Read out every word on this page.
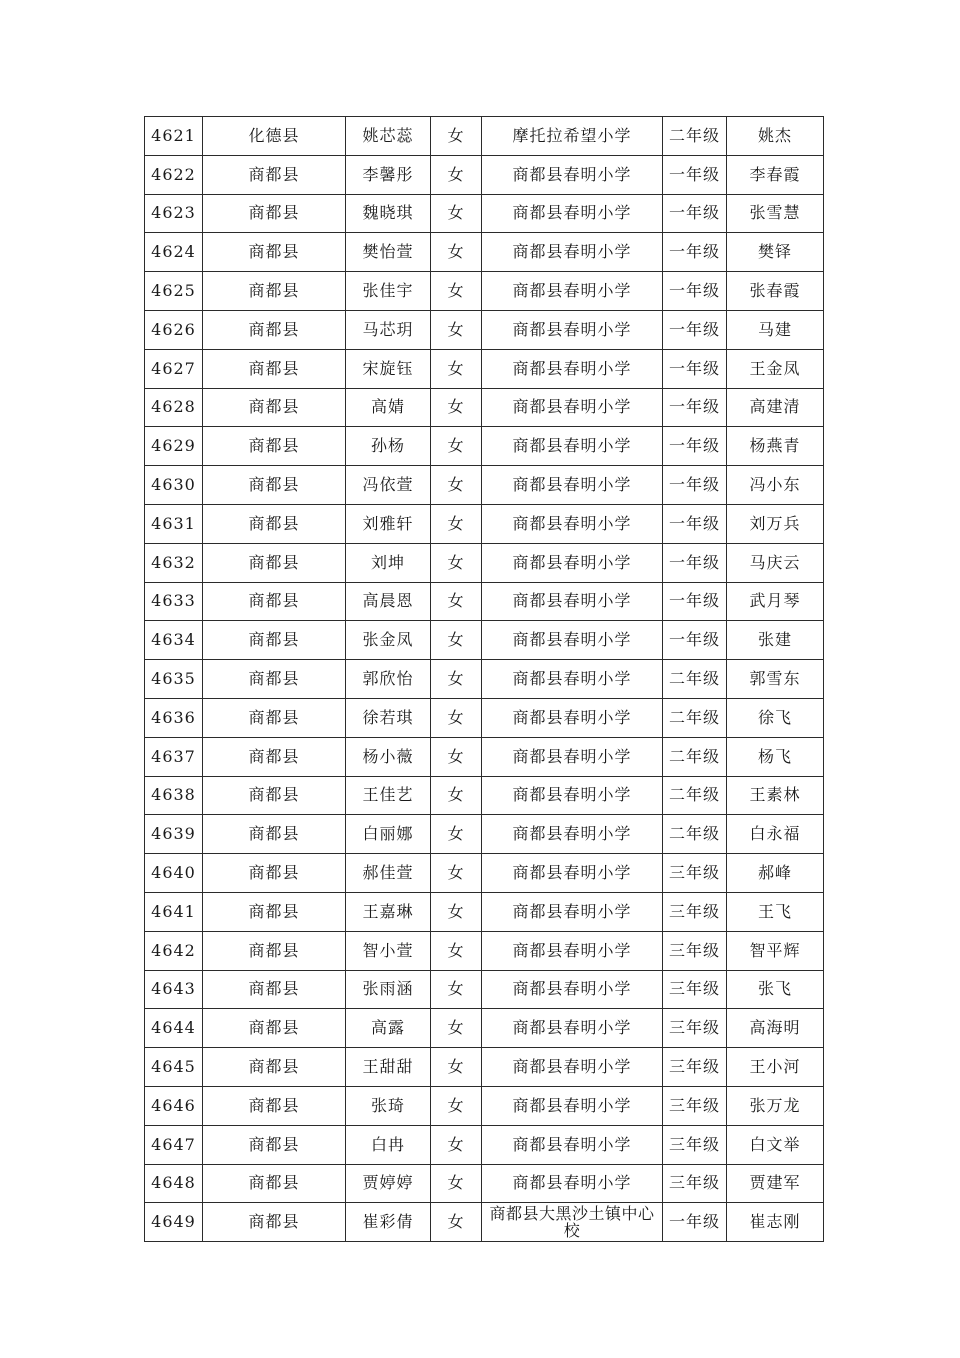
4621	化德县	姚芯蕊	女	摩托拉希望小学	二年级	姚杰
4622	商都县	李馨彤	女	商都县春明小学	一年级	李春霞
4623	商都县	魏晓琪	女	商都县春明小学	一年级	张雪慧
4624	商都县	樊怡萱	女	商都县春明小学	一年级	樊铎
4625	商都县	张佳宇	女	商都县春明小学	一年级	张春霞
4626	商都县	马芯玥	女	商都县春明小学	一年级	马建
4627	商都县	宋旋钰	女	商都县春明小学	一年级	王金凤
4628	商都县	高婧	女	商都县春明小学	一年级	高建清
4629	商都县	孙杨	女	商都县春明小学	一年级	杨燕青
4630	商都县	冯依萱	女	商都县春明小学	一年级	冯小东
4631	商都县	刘雅轩	女	商都县春明小学	一年级	刘万兵
4632	商都县	刘坤	女	商都县春明小学	一年级	马庆云
4633	商都县	高晨恩	女	商都县春明小学	一年级	武月琴
4634	商都县	张金凤	女	商都县春明小学	一年级	张建
4635	商都县	郭欣怡	女	商都县春明小学	二年级	郭雪东
4636	商都县	徐若琪	女	商都县春明小学	二年级	徐飞
4637	商都县	杨小薇	女	商都县春明小学	二年级	杨飞
4638	商都县	王佳艺	女	商都县春明小学	二年级	王素林
4639	商都县	白丽娜	女	商都县春明小学	二年级	白永福
4640	商都县	郝佳萱	女	商都县春明小学	三年级	郝峰
4641	商都县	王嘉琳	女	商都县春明小学	三年级	王飞
4642	商都县	智小萱	女	商都县春明小学	三年级	智平辉
4643	商都县	张雨涵	女	商都县春明小学	三年级	张飞
4644	商都县	高露	女	商都县春明小学	三年级	高海明
4645	商都县	王甜甜	女	商都县春明小学	三年级	王小河
4646	商都县	张琦	女	商都县春明小学	三年级	张万龙
4647	商都县	白冉	女	商都县春明小学	三年级	白文举
4648	商都县	贾婷婷	女	商都县春明小学	三年级	贾建军
4649	商都县	崔彩倩	女	商都县大黑沙土镇中心校	一年级	崔志刚
